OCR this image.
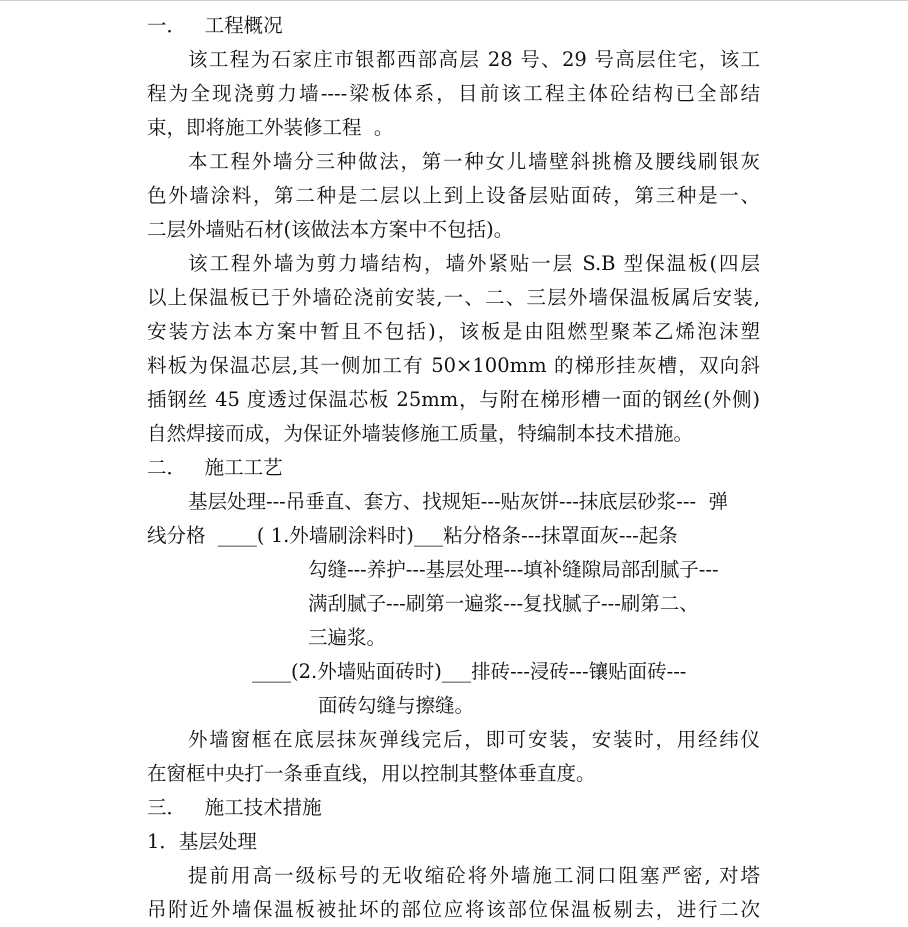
一．   工程概况
该工程为石家庄市银都西部高层 28 号、29 号高层住宅，该工
程为全现浇剪力墙----梁板体系，目前该工程主体砼结构已全部结
束，即将施工外装修工程  。
本工程外墙分三种做法，第一种女儿墙壁斜挑檐及腰线刷银灰
色外墙涂料，第二种是二层以上到上设备层贴面砖，第三种是一、
二层外墙贴石材(该做法本方案中不包括)。
该工程外墙为剪力墙结构，墙外紧贴一层 S.B 型保温板(四层
以上保温板已于外墙砼浇前安装,一、二、三层外墙保温板属后安装,
安装方法本方案中暂且不包括)，该板是由阻燃型聚苯乙烯泡沫塑
料板为保温芯层,其一侧加工有 50×100mm 的梯形挂灰槽，双向斜
插钢丝 45 度透过保温芯板 25mm，与附在梯形槽一面的钢丝(外侧)
自然焊接而成，为保证外墙装修施工质量，特编制本技术措施。
二．   施工工艺
基层处理---吊垂直、套方、找规矩---贴灰饼---抹底层砂浆---  弹
线分格  ____( 1.外墙刷涂料时)___粘分格条---抹罩面灰---起条
勾缝---养护---基层处理---填补缝隙局部刮腻子---
满刮腻子---刷第一遍浆---复找腻子---刷第二、
三遍浆。
____(2.外墙贴面砖时)___排砖---浸砖---镶贴面砖---
面砖勾缝与擦缝。
外墙窗框在底层抹灰弹线完后，即可安装，安装时，用经纬仪
在窗框中央打一条垂直线，用以控制其整体垂直度。
三．   施工技术措施
1．基层处理
提前用高一级标号的无收缩砼将外墙施工洞口阻塞严密, 对塔
吊附近外墙保温板被扯坏的部位应将该部位保温板剔去，进行二次
